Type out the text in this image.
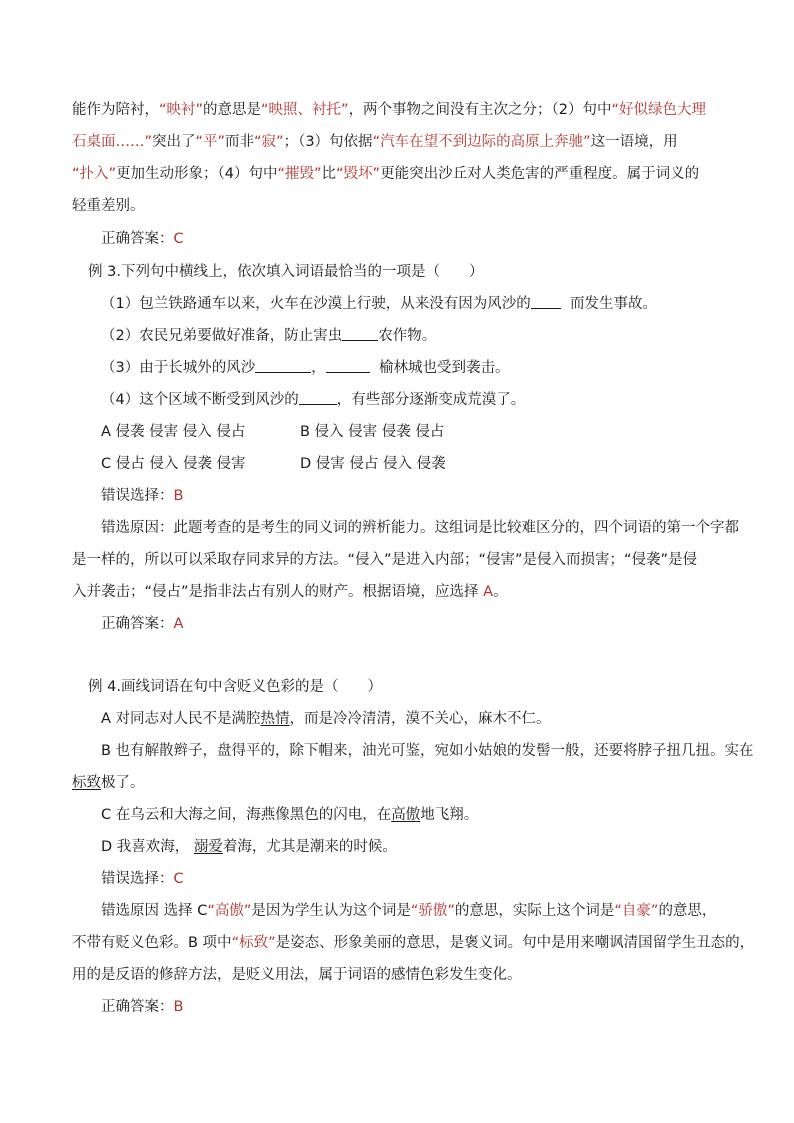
能作为陪衬，“映衬”的意思是“映照、衬托”，两个事物之间没有主次之分；（2）句中“好似绿色大理
石桌面……”突出了“平”而非“寂”；（3）句依据“汽车在望不到边际的高原上奔驰”这一语境，用
“扑入”更加生动形象；（4）句中“摧毁”比“毁坏”更能突出沙丘对人类危害的严重程度。属于词义的
轻重差别。
正确答案：C
例 3.下列句中横线上，依次填入词语最恰当的一项是（　　）
（1）包兰铁路通车以来，火车在沙漠上行驶，从来没有因为风沙的	而发生事故。
（2）农民兄弟要做好准备，防止害虫 农作物。
（3）由于长城外的风沙	，	榆林城也受到袭击。
（4）这个区域不断受到风沙的	，有些部分逐渐变成荒漠了。
A 侵袭 侵害 侵入 侵占	B 侵入 侵害 侵袭 侵占
C 侵占 侵入 侵袭 侵害	D 侵害 侵占 侵入 侵袭
错误选择：B
错选原因：此题考查的是考生的同义词的辨析能力。这组词是比较难区分的，四个词语的第一个字都
是一样的，所以可以采取存同求异的方法。“侵入”是进入内部；“侵害”是侵入而损害；“侵袭”是侵
入并袭击；“侵占”是指非法占有别人的财产。根据语境，应选择 A。
正确答案：A
例 4.画线词语在句中含贬义色彩的是（　　）
A 对同志对人民不是满腔热情，而是冷冷清清，漠不关心，麻木不仁。
B 也有解散辫子，盘得平的，除下帽来，油光可鉴，宛如小姑娘的发髻一般，还要将脖子扭几扭。实在
标致极了。
C 在乌云和大海之间，海燕像黑色的闪电，在高傲地飞翔。
D 我喜欢海， 溺爱着海，尤其是潮来的时候。
错误选择：C
错选原因 选择 C“高傲”是因为学生认为这个词是“骄傲”的意思，实际上这个词是“自豪”的意思，
不带有贬义色彩。B 项中“标致”是姿态、形象美丽的意思，是褒义词。句中是用来嘲讽清国留学生丑态的，
用的是反语的修辞方法，是贬义用法，属于词语的感情色彩发生变化。
正确答案：B
